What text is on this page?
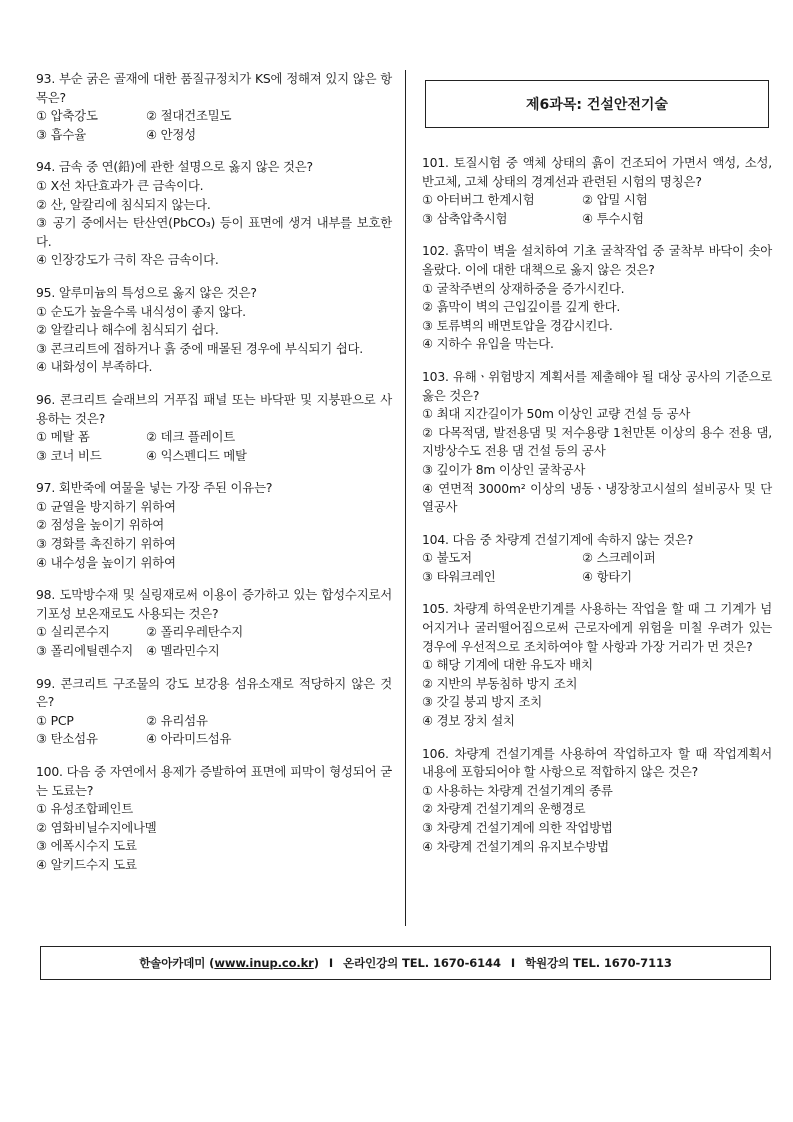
제6과목: 건설안전기술

93. 부순 굵은 골재에 대한 품질규정치가 KS에 정해져 있지 않은 항목은?

① 압축강도	② 절대건조밀도
③ 흡수율	④ 안정성

94. 금속 중 연(鉛)에 관한 설명으로 옳지 않은 것은?

① X선 차단효과가 큰 금속이다.

② 산, 알칼리에 침식되지 않는다.

③ 공기 중에서는 탄산연(PbCO₃) 등이 표면에 생겨 내부를 보호한다.

④ 인장강도가 극히 작은 금속이다.

95. 알루미늄의 특성으로 옳지 않은 것은?

① 순도가 높을수록 내식성이 좋지 않다.

② 알칼리나 해수에 침식되기 쉽다.

③ 콘크리트에 접하거나 흙 중에 매몰된 경우에 부식되기 쉽다.

④ 내화성이 부족하다.

96. 콘크리트 슬래브의 거푸집 패널 또는 바닥판 및 지붕판으로 사용하는 것은?

① 메탈 폼	② 데크 플레이트
③ 코너 비드	④ 익스펜디드 메탈

97. 회반죽에 여물을 넣는 가장 주된 이유는?

① 균열을 방지하기 위하여

② 점성을 높이기 위하여

③ 경화를 촉진하기 위하여

④ 내수성을 높이기 위하여

98. 도막방수재 및 실링재로써 이용이 증가하고 있는 합성수지로서 기포성 보온재로도 사용되는 것은?

① 실리콘수지	② 폴리우레탄수지
③ 폴리에틸렌수지	④ 멜라민수지

99. 콘크리트 구조물의 강도 보강용 섬유소재로 적당하지 않은 것은?

① PCP	② 유리섬유
③ 탄소섬유	④ 아라미드섬유

100. 다음 중 자연에서 용제가 증발하여 표면에 피막이 형성되어 굳는 도료는?

① 유성조합페인트

② 염화비닐수지에나멜

③ 에폭시수지 도료

④ 알키드수지 도료

101. 토질시험 중 액체 상태의 흙이 건조되어 가면서 액성, 소성, 반고체, 고체 상태의 경계선과 관련된 시험의 명칭은?

① 아터버그 한계시험	② 압밀 시험
③ 삼축압축시험	④ 투수시험

102. 흙막이 벽을 설치하여 기초 굴착작업 중 굴착부 바닥이 솟아올랐다. 이에 대한 대책으로 옳지 않은 것은?

① 굴착주변의 상재하중을 증가시킨다.

② 흙막이 벽의 근입깊이를 깊게 한다.

③ 토류벽의 배면토압을 경감시킨다.

④ 지하수 유입을 막는다.

103. 유해ㆍ위험방지 계획서를 제출해야 될 대상 공사의 기준으로 옳은 것은?

① 최대 지간길이가 50m 이상인 교량 건설 등 공사

② 다목적댐, 발전용댐 및 저수용량 1천만톤 이상의 용수 전용 댐, 지방상수도 전용 댐 건설 등의 공사

③ 깊이가 8m 이상인 굴착공사

④ 연면적 3000m² 이상의 냉동ㆍ냉장창고시설의 설비공사 및 단열공사

104. 다음 중 차량계 건설기계에 속하지 않는 것은?

① 불도저	② 스크레이퍼
③ 타워크레인	④ 항타기

105. 차량계 하역운반기계를 사용하는 작업을 할 때 그 기계가 넘어지거나 굴러떨어짐으로써 근로자에게 위험을 미칠 우려가 있는 경우에 우선적으로 조치하여야 할 사항과 가장 거리가 먼 것은?

① 해당 기계에 대한 유도자 배치

② 지반의 부동침하 방지 조치

③ 갓길 붕괴 방지 조치

④ 경보 장치 설치

106. 차량계 건설기계를 사용하여 작업하고자 할 때 작업계획서 내용에 포함되어야 할 사항으로 적합하지 않은 것은?

① 사용하는 차량계 건설기계의 종류

② 차량계 건설기계의 운행경로

③ 차량계 건설기계에 의한 작업방법

④ 차량계 건설기계의 유지보수방법

한솔아카데미 ( www.inup.co.kr ) I 온라인강의 TEL. 1670-6144 I 학원강의 TEL. 1670-7113
